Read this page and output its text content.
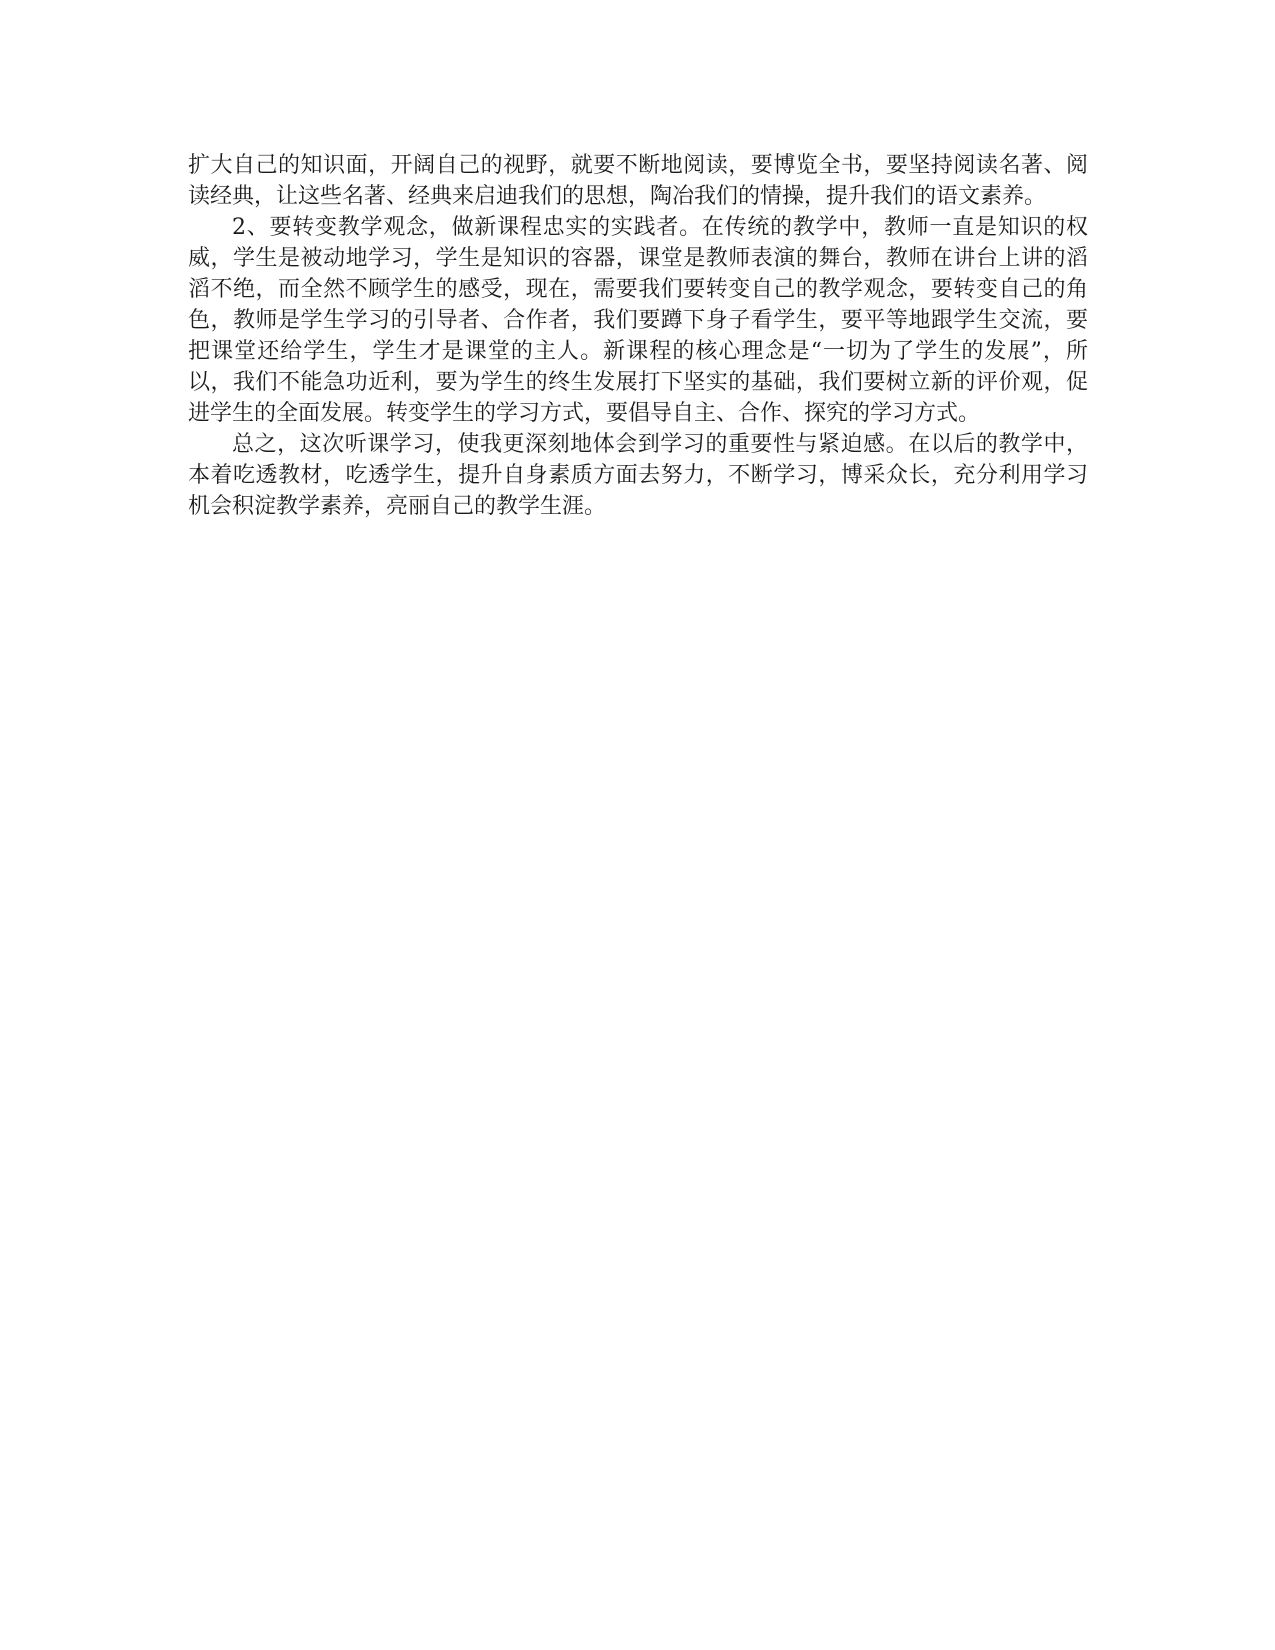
扩大自己的知识面，开阔自己的视野，就要不断地阅读，要博览全书，要坚持阅读名著、阅读经典，让这些名著、经典来启迪我们的思想，陶冶我们的情操，提升我们的语文素养。

2、要转变教学观念，做新课程忠实的实践者。在传统的教学中，教师一直是知识的权威，学生是被动地学习，学生是知识的容器，课堂是教师表演的舞台，教师在讲台上讲的滔滔不绝，而全然不顾学生的感受，现在，需要我们要转变自己的教学观念，要转变自己的角色，教师是学生学习的引导者、合作者，我们要蹲下身子看学生，要平等地跟学生交流，要把课堂还给学生，学生才是课堂的主人。新课程的核心理念是“一切为了学生的发展”，所以，我们不能急功近利，要为学生的终生发展打下坚实的基础，我们要树立新的评价观，促进学生的全面发展。转变学生的学习方式，要倡导自主、合作、探究的学习方式。

总之，这次听课学习，使我更深刻地体会到学习的重要性与紧迫感。在以后的教学中，本着吃透教材，吃透学生，提升自身素质方面去努力，不断学习，博采众长，充分利用学习机会积淀教学素养，亮丽自己的教学生涯。
